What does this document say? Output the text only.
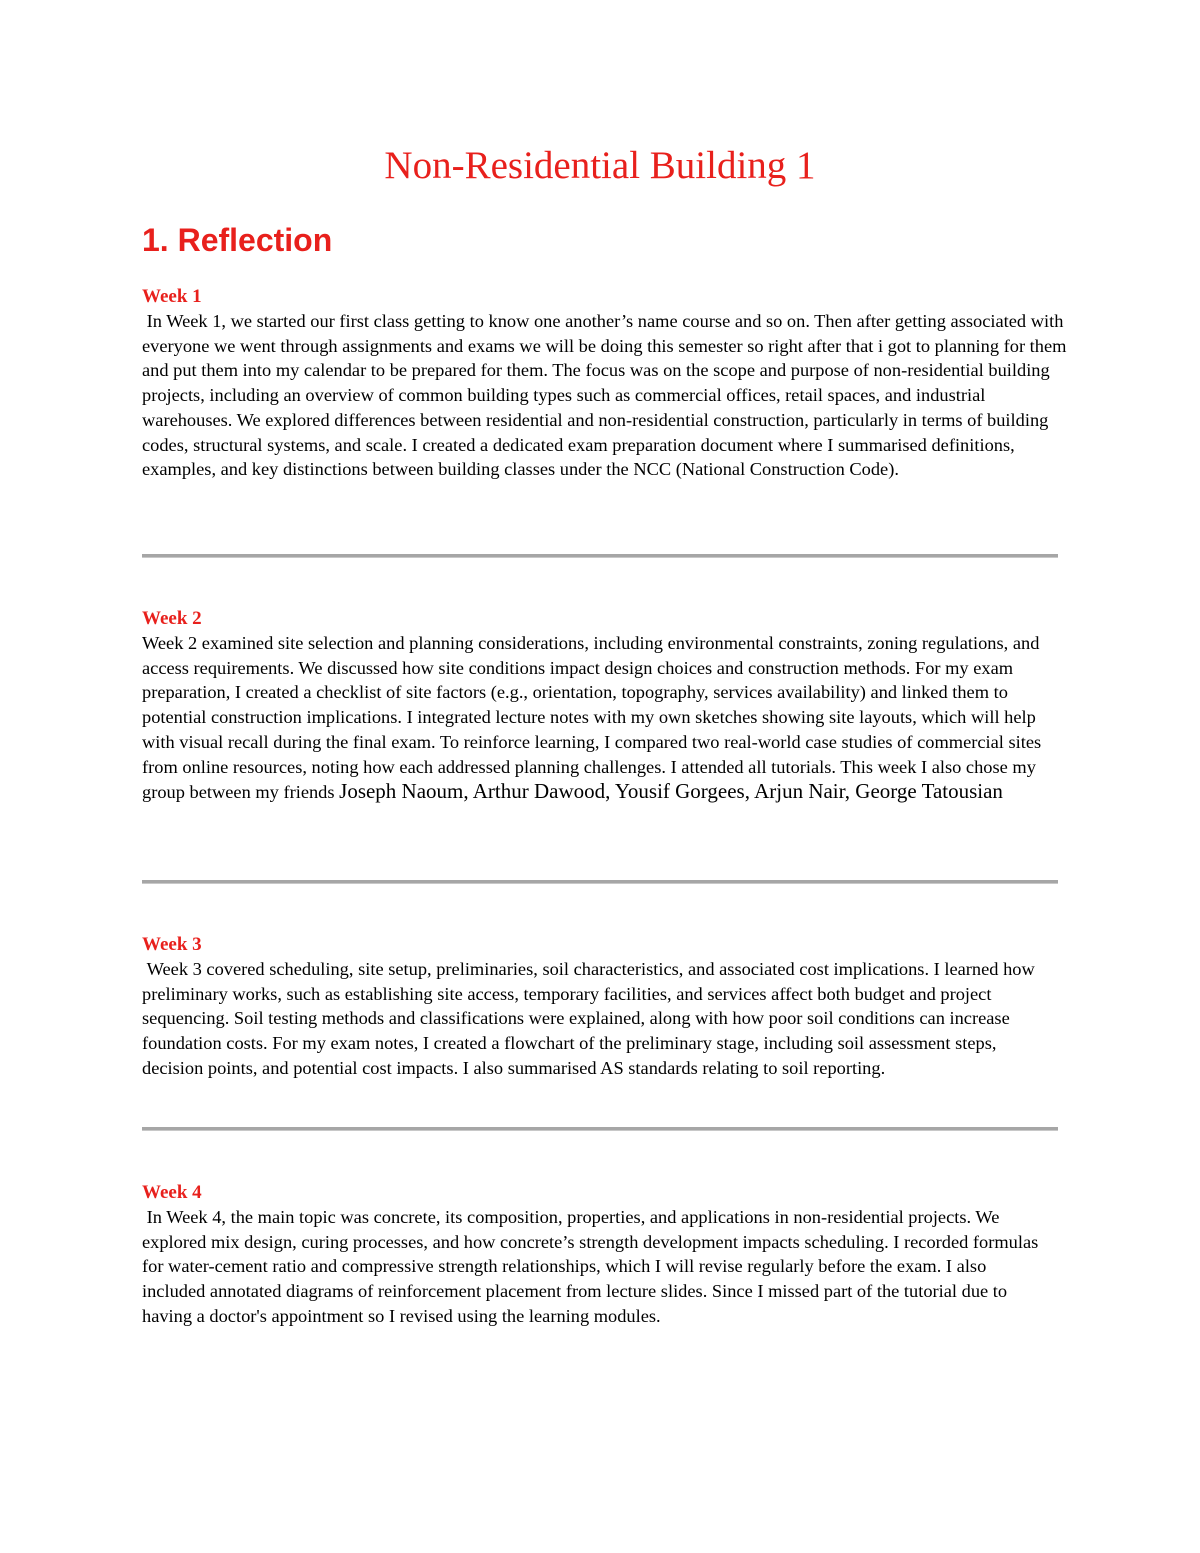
Non-Residential Building 1
1. Reflection

Week 1

In Week 1, we started our first class getting to know one another’s name course and so on. Then after getting associated with everyone we went through assignments and exams we will be doing this semester so right after that i got to planning for them and put them into my calendar to be prepared for them. The focus was on the scope and purpose of non-residential building projects, including an overview of common building types such as commercial offices, retail spaces, and industrial warehouses. We explored differences between residential and non-residential construction, particularly in terms of building codes, structural systems, and scale. I created a dedicated exam preparation document where I summarised definitions, examples, and key distinctions between building classes under the NCC (National Construction Code).

Week 2

Week 2 examined site selection and planning considerations, including environmental constraints, zoning regulations, and access requirements. We discussed how site conditions impact design choices and construction methods. For my exam preparation, I created a checklist of site factors (e.g., orientation, topography, services availability) and linked them to potential construction implications. I integrated lecture notes with my own sketches showing site layouts, which will help with visual recall during the final exam. To reinforce learning, I compared two real-world case studies of commercial sites from online resources, noting how each addressed planning challenges. I attended all tutorials. This week I also chose my group between my friends Joseph Naoum, Arthur Dawood, Yousif Gorgees, Arjun Nair, George Tatousian

Week 3

Week 3 covered scheduling, site setup, preliminaries, soil characteristics, and associated cost implications. I learned how preliminary works, such as establishing site access, temporary facilities, and services affect both budget and project sequencing. Soil testing methods and classifications were explained, along with how poor soil conditions can increase foundation costs. For my exam notes, I created a flowchart of the preliminary stage, including soil assessment steps, decision points, and potential cost impacts. I also summarised AS standards relating to soil reporting.

Week 4

In Week 4, the main topic was concrete, its composition, properties, and applications in non-residential projects. We explored mix design, curing processes, and how concrete’s strength development impacts scheduling. I recorded formulas for water-cement ratio and compressive strength relationships, which I will revise regularly before the exam. I also included annotated diagrams of reinforcement placement from lecture slides. Since I missed part of the tutorial due to having a doctor's appointment so I revised using the learning modules.
